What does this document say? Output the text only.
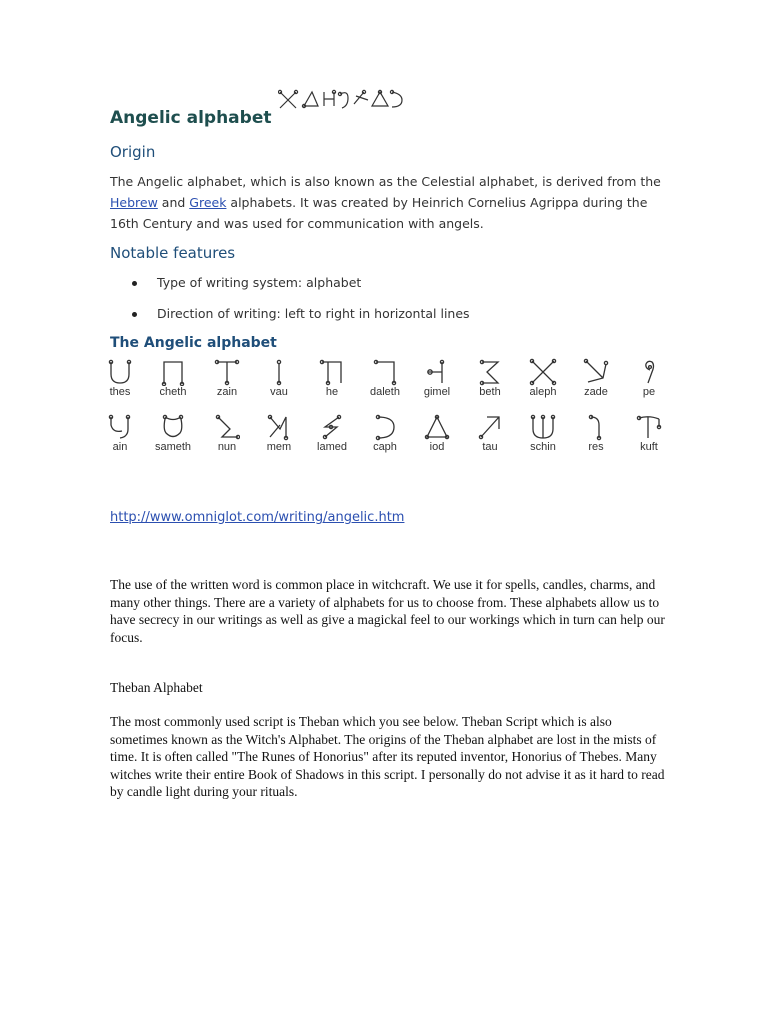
Angelic alphabet
Origin

The Angelic alphabet, which is also known as the Celestial alphabet, is derived from the Hebrew and Greek alphabets. It was created by Heinrich Cornelius Agrippa during the 16th Century and was used for communication with angels.

Notable features
Type of writing system: alphabet
Direction of writing: left to right in horizontal lines
The Angelic alphabet
thes	cheth	zain	vau	he	daleth	gimel	beth	aleph	zade	pe
ain	sameth	nun	mem	lamed	caph	iod	tau	schin	res	kuft
http://www.omniglot.com/writing/angelic.htm

The use of the written word is common place in witchcraft. We use it for spells, candles, charms, and many other things. There are a variety of alphabets for us to choose from. These alphabets allow us to have secrecy in our writings as well as give a magickal feel to our workings which in turn can help our focus.

Theban Alphabet

The most commonly used script is Theban which you see below. Theban Script which is also sometimes known as the Witch's Alphabet. The origins of the Theban alphabet are lost in the mists of time. It is often called "The Runes of Honorius" after its reputed inventor, Honorius of Thebes. Many witches write their entire Book of Shadows in this script. I personally do not advise it as it hard to read by candle light during your rituals.
